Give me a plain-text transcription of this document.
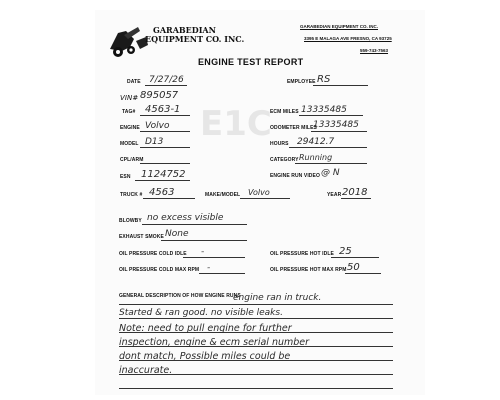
GARABEDIAN
EQUIPMENT CO. INC.
GARABEDIAN EQUIPMENT CO. INC.
3395 E MALAGA AVE FRESNO, CA 93725
559-743-7563
ENGINE TEST REPORT
E1C
DATE 7/27/26
VIN# 895057
TAG# 4563-1
ENGINE Volvo
MODEL D13
CPL/ARM
ESN 1124752
TRUCK # 4563	MAKE/MODEL Volvo
EMPLOYEE RS
ECM MILES 13335485
ODOMETER MILES
13335485
HOURS 29412.7
CATEGORY Running
ENGINE RUN VIDEO @ N
YEAR 2018
BLOWBY no excess visible
EXHAUST SMOKE None
OIL PRESSURE COLD IDLE -
OIL PRESSURE COLD MAX RPM -
OIL PRESSURE HOT IDLE 25
OIL PRESSURE HOT MAX RPM 50
GENERAL DESCRIPTION OF HOW ENGINE RUNS
engine ran in truck.
Started & ran good. no visible leaks.
Note: need to pull engine for further
inspection, engine & ecm serial number
dont match, Possible miles could be
inaccurate.
